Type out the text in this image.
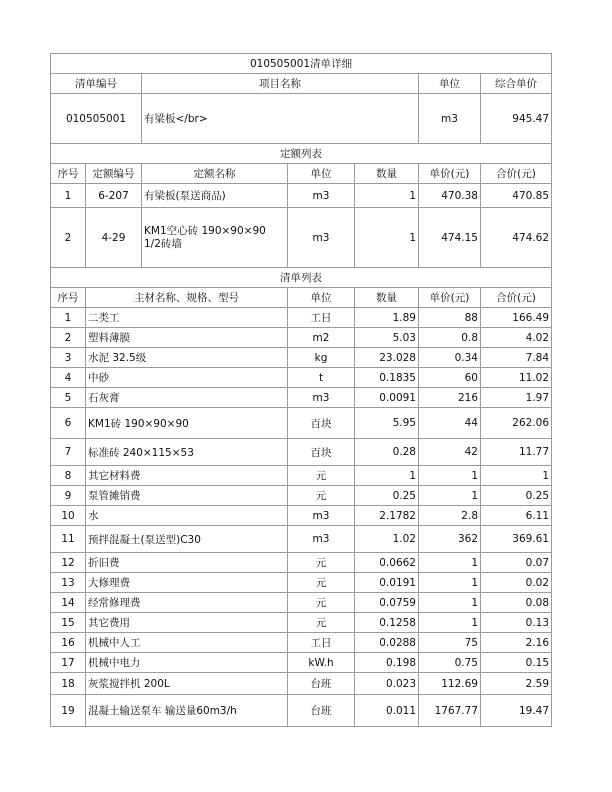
010505001清单详细						
清单编号		项目名称			单位	综合单价
010505001		有梁板</br>			m3	945.47
定额列表						
序号	定额编号	定额名称	单位	数量	单价(元)	合价(元)
1	6-207	有梁板(泵送商品)	m3	1	470.38	470.85
2	4-29	KM1空心砖 190×90×90 1/2砖墙	m3	1	474.15	474.62
清单列表						
序号	主材名称、规格、型号		单位	数量	单价(元)	合价(元)
1	二类工		工日	1.89	88	166.49
2	塑料薄膜		m2	5.03	0.8	4.02
3	水泥 32.5级		kg	23.028	0.34	7.84
4	中砂		t	0.1835	60	11.02
5	石灰膏		m3	0.0091	216	1.97
6	KM1砖 190×90×90		百块	5.95	44	262.06
7	标准砖 240×115×53		百块	0.28	42	11.77
8	其它材料费		元	1	1	1
9	泵管摊销费		元	0.25	1	0.25
10	水		m3	2.1782	2.8	6.11
11	预拌混凝土(泵送型)C30		m3	1.02	362	369.61
12	折旧费		元	0.0662	1	0.07
13	大修理费		元	0.0191	1	0.02
14	经常修理费		元	0.0759	1	0.08
15	其它费用		元	0.1258	1	0.13
16	机械中人工		工日	0.0288	75	2.16
17	机械中电力		kW.h	0.198	0.75	0.15
18	灰浆搅拌机 200L		台班	0.023	112.69	2.59
19	混凝土输送泵车 输送量60m3/h		台班	0.011	1767.77	19.47
